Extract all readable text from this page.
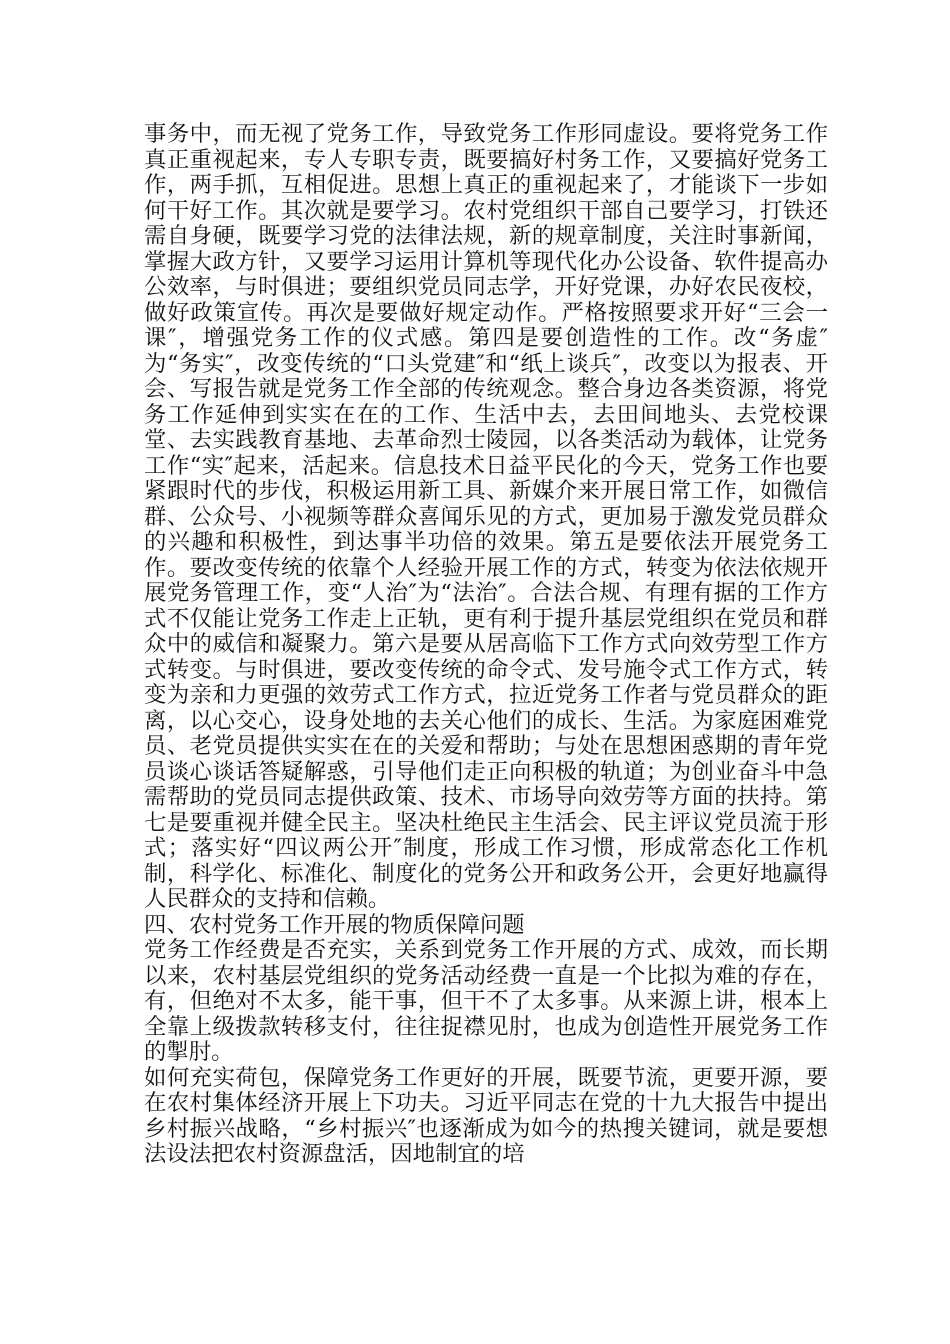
事务中，而无视了党务工作，导致党务工作形同虚设。要将党务工作真正重视起来，专人专职专责，既要搞好村务工作，又要搞好党务工作，两手抓，互相促进。思想上真正的重视起来了，才能谈下一步如何干好工作。其次就是要学习。农村党组织干部自己要学习，打铁还需自身硬，既要学习党的法律法规，新的规章制度，关注时事新闻，掌握大政方针，又要学习运用计算机等现代化办公设备、软件提高办公效率，与时俱进；要组织党员同志学，开好党课，办好农民夜校，做好政策宣传。再次是要做好规定动作。严格按照要求开好“三会一课″，增强党务工作的仪式感。第四是要创造性的工作。改“务虚″为“务实″，改变传统的“口头党建″和“纸上谈兵″，改变以为报表、开会、写报告就是党务工作全部的传统观念。整合身边各类资源，将党务工作延伸到实实在在的工作、生活中去，去田间地头、去党校课堂、去实践教育基地、去革命烈士陵园，以各类活动为载体，让党务工作“实″起来，活起来。信息技术日益平民化的今天，党务工作也要紧跟时代的步伐，积极运用新工具、新媒介来开展日常工作，如微信群、公众号、小视频等群众喜闻乐见的方式，更加易于激发党员群众的兴趣和积极性，到达事半功倍的效果。第五是要依法开展党务工作。要改变传统的依靠个人经验开展工作的方式，转变为依法依规开展党务管理工作，变“人治″为“法治″。合法合规、有理有据的工作方式不仅能让党务工作走上正轨，更有利于提升基层党组织在党员和群众中的威信和凝聚力。第六是要从居高临下工作方式向效劳型工作方式转变。与时俱进，要改变传统的命令式、发号施令式工作方式，转变为亲和力更强的效劳式工作方式，拉近党务工作者与党员群众的距离，以心交心，设身处地的去关心他们的成长、生活。为家庭困难党员、老党员提供实实在在的关爱和帮助；与处在思想困惑期的青年党员谈心谈话答疑解惑，引导他们走正向积极的轨道；为创业奋斗中急需帮助的党员同志提供政策、技术、市场导向效劳等方面的扶持。第七是要重视并健全民主。坚决杜绝民主生活会、民主评议党员流于形式；落实好“四议两公开″制度，形成工作习惯，形成常态化工作机制，科学化、标准化、制度化的党务公开和政务公开，会更好地赢得人民群众的支持和信赖。

四、农村党务工作开展的物质保障问题

党务工作经费是否充实，关系到党务工作开展的方式、成效，而长期以来，农村基层党组织的党务活动经费一直是一个比拟为难的存在，有，但绝对不太多，能干事，但干不了太多事。从来源上讲，根本上全靠上级拨款转移支付，往往捉襟见肘，也成为创造性开展党务工作的掣肘。

如何充实荷包，保障党务工作更好的开展，既要节流，更要开源，要在农村集体经济开展上下功夫。习近平同志在党的十九大报告中提出乡村振兴战略，“乡村振兴″也逐渐成为如今的热搜关键词，就是要想法设法把农村资源盘活，因地制宜的培
